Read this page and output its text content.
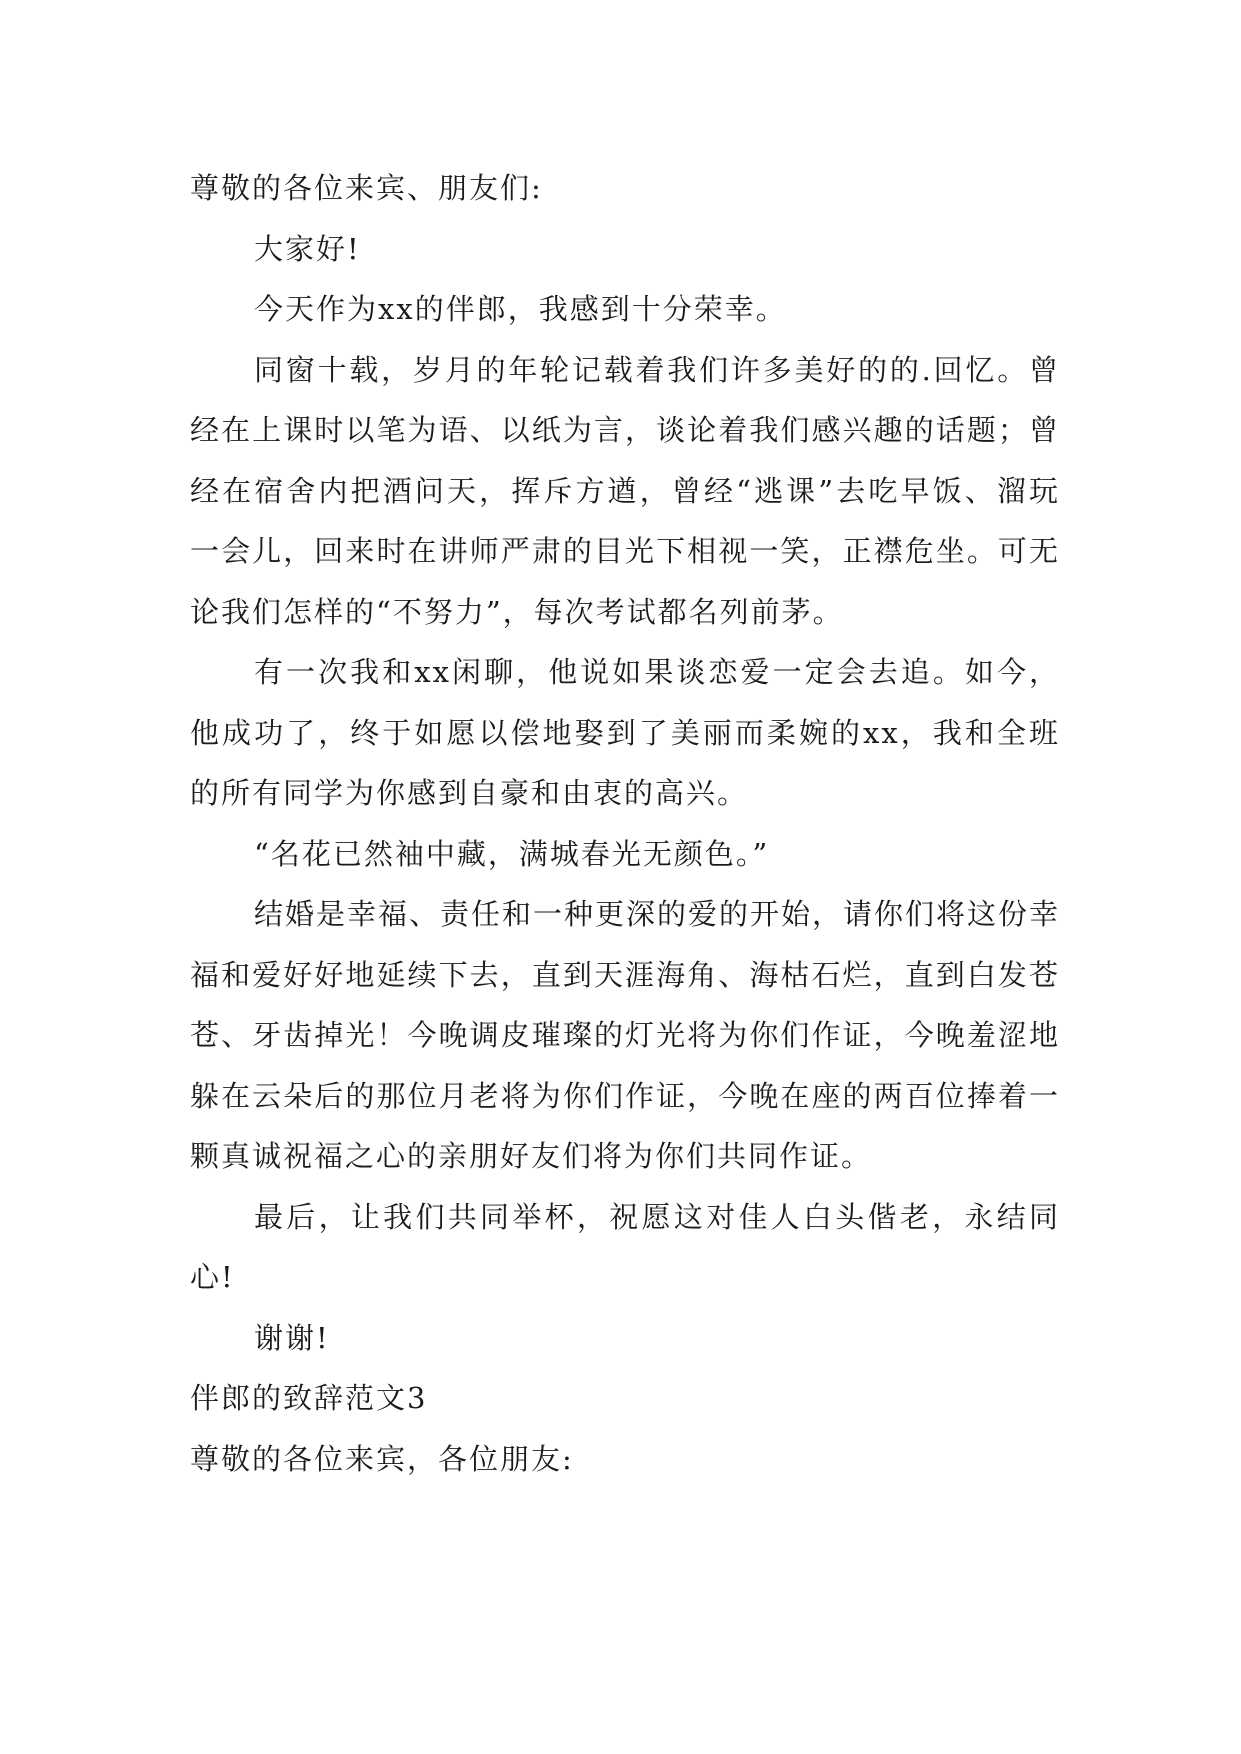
尊敬的各位来宾、朋友们:

大家好!

今天作为xx的伴郎，我感到十分荣幸。

同窗十载，岁月的年轮记载着我们许多美好的的.回忆。曾经在上课时以笔为语、以纸为言，谈论着我们感兴趣的话题；曾经在宿舍内把酒问天，挥斥方遒，曾经“逃课”去吃早饭、溜玩一会儿，回来时在讲师严肃的目光下相视一笑，正襟危坐。可无论我们怎样的“不努力”，每次考试都名列前茅。

有一次我和xx闲聊，他说如果谈恋爱一定会去追。如今，他成功了，终于如愿以偿地娶到了美丽而柔婉的xx，我和全班的所有同学为你感到自豪和由衷的高兴。

“名花已然袖中藏，满城春光无颜色。”

结婚是幸福、责任和一种更深的爱的开始，请你们将这份幸福和爱好好地延续下去，直到天涯海角、海枯石烂，直到白发苍苍、牙齿掉光！今晚调皮璀璨的灯光将为你们作证，今晚羞涩地躲在云朵后的那位月老将为你们作证，今晚在座的两百位捧着一颗真诚祝福之心的亲朋好友们将为你们共同作证。

最后，让我们共同举杯，祝愿这对佳人白头偕老，永结同心!

谢谢!

伴郎的致辞范文3

尊敬的各位来宾，各位朋友:
